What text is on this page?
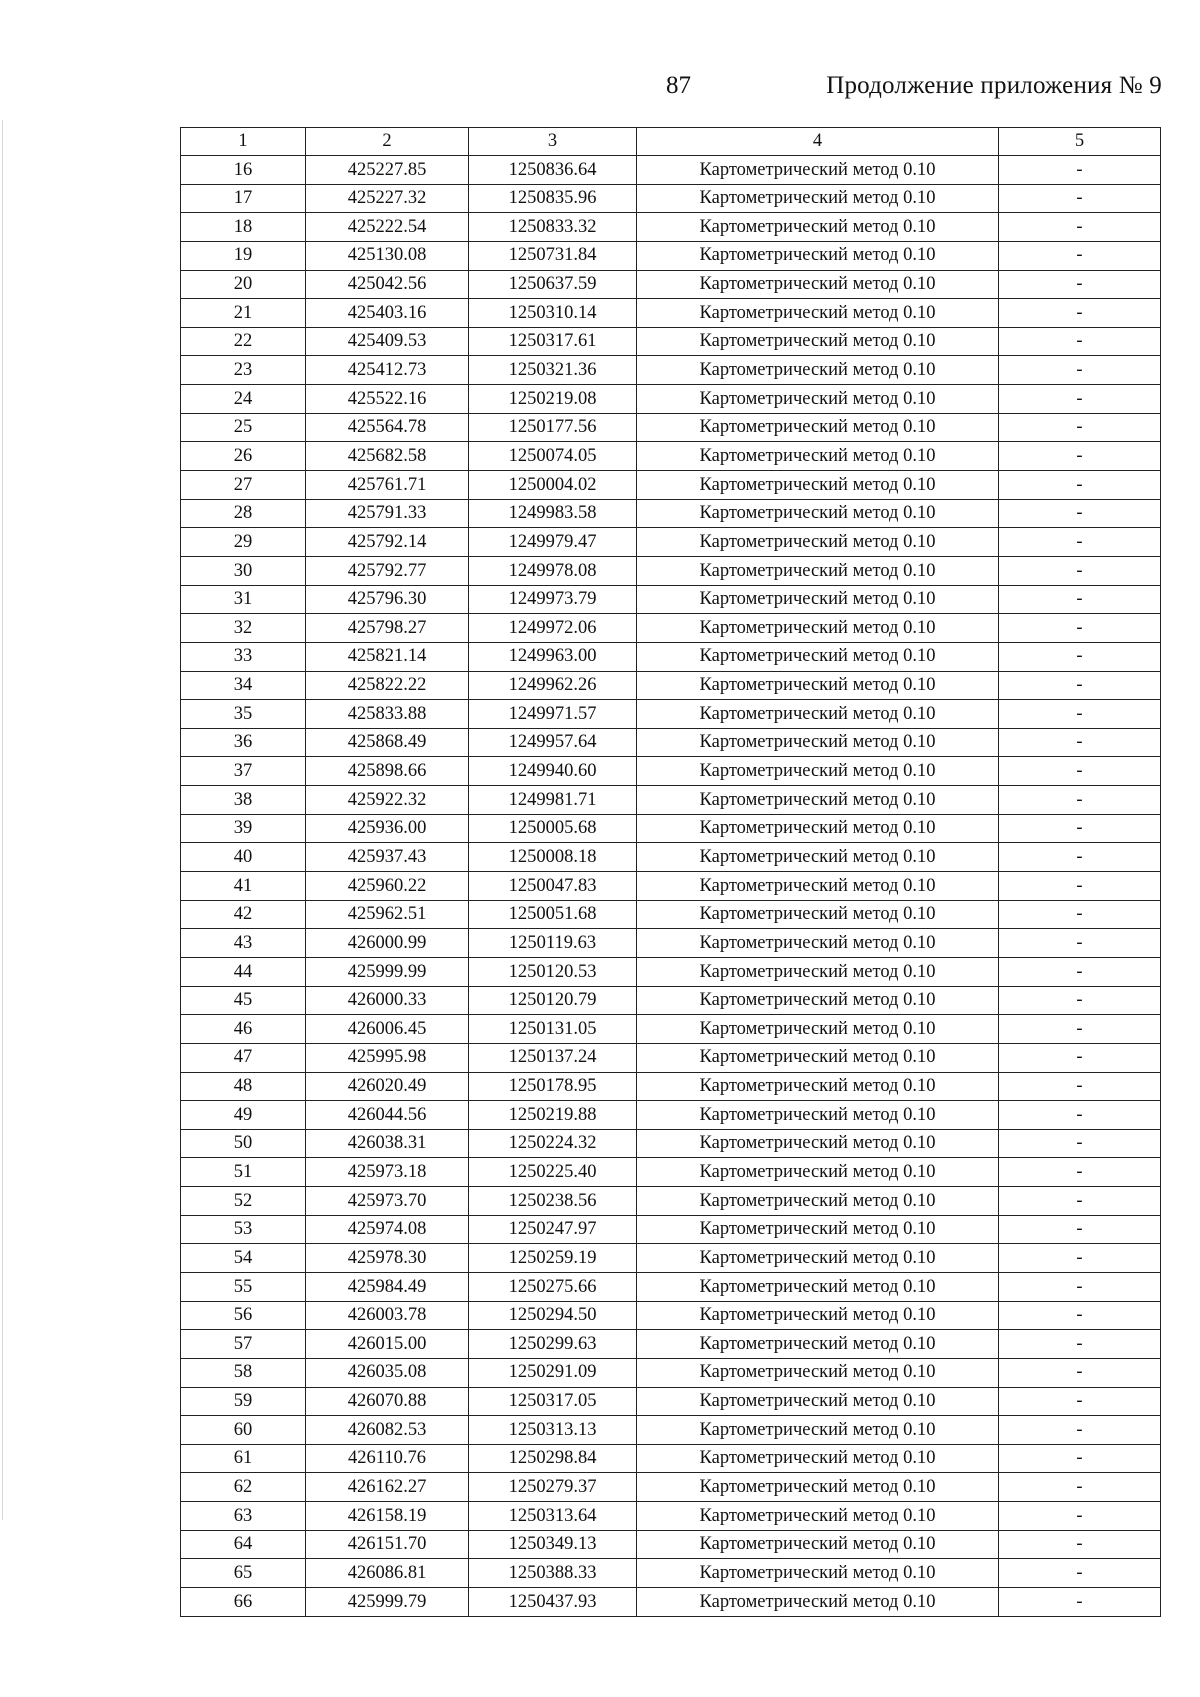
87	Продолжение приложения № 9
1	2	3	4	5
16	425227.85	1250836.64	Картометрический метод 0.10	-
17	425227.32	1250835.96	Картометрический метод 0.10	-
18	425222.54	1250833.32	Картометрический метод 0.10	-
19	425130.08	1250731.84	Картометрический метод 0.10	-
20	425042.56	1250637.59	Картометрический метод 0.10	-
21	425403.16	1250310.14	Картометрический метод 0.10	-
22	425409.53	1250317.61	Картометрический метод 0.10	-
23	425412.73	1250321.36	Картометрический метод 0.10	-
24	425522.16	1250219.08	Картометрический метод 0.10	-
25	425564.78	1250177.56	Картометрический метод 0.10	-
26	425682.58	1250074.05	Картометрический метод 0.10	-
27	425761.71	1250004.02	Картометрический метод 0.10	-
28	425791.33	1249983.58	Картометрический метод 0.10	-
29	425792.14	1249979.47	Картометрический метод 0.10	-
30	425792.77	1249978.08	Картометрический метод 0.10	-
31	425796.30	1249973.79	Картометрический метод 0.10	-
32	425798.27	1249972.06	Картометрический метод 0.10	-
33	425821.14	1249963.00	Картометрический метод 0.10	-
34	425822.22	1249962.26	Картометрический метод 0.10	-
35	425833.88	1249971.57	Картометрический метод 0.10	-
36	425868.49	1249957.64	Картометрический метод 0.10	-
37	425898.66	1249940.60	Картометрический метод 0.10	-
38	425922.32	1249981.71	Картометрический метод 0.10	-
39	425936.00	1250005.68	Картометрический метод 0.10	-
40	425937.43	1250008.18	Картометрический метод 0.10	-
41	425960.22	1250047.83	Картометрический метод 0.10	-
42	425962.51	1250051.68	Картометрический метод 0.10	-
43	426000.99	1250119.63	Картометрический метод 0.10	-
44	425999.99	1250120.53	Картометрический метод 0.10	-
45	426000.33	1250120.79	Картометрический метод 0.10	-
46	426006.45	1250131.05	Картометрический метод 0.10	-
47	425995.98	1250137.24	Картометрический метод 0.10	-
48	426020.49	1250178.95	Картометрический метод 0.10	-
49	426044.56	1250219.88	Картометрический метод 0.10	-
50	426038.31	1250224.32	Картометрический метод 0.10	-
51	425973.18	1250225.40	Картометрический метод 0.10	-
52	425973.70	1250238.56	Картометрический метод 0.10	-
53	425974.08	1250247.97	Картометрический метод 0.10	-
54	425978.30	1250259.19	Картометрический метод 0.10	-
55	425984.49	1250275.66	Картометрический метод 0.10	-
56	426003.78	1250294.50	Картометрический метод 0.10	-
57	426015.00	1250299.63	Картометрический метод 0.10	-
58	426035.08	1250291.09	Картометрический метод 0.10	-
59	426070.88	1250317.05	Картометрический метод 0.10	-
60	426082.53	1250313.13	Картометрический метод 0.10	-
61	426110.76	1250298.84	Картометрический метод 0.10	-
62	426162.27	1250279.37	Картометрический метод 0.10	-
63	426158.19	1250313.64	Картометрический метод 0.10	-
64	426151.70	1250349.13	Картометрический метод 0.10	-
65	426086.81	1250388.33	Картометрический метод 0.10	-
66	425999.79	1250437.93	Картометрический метод 0.10	-
